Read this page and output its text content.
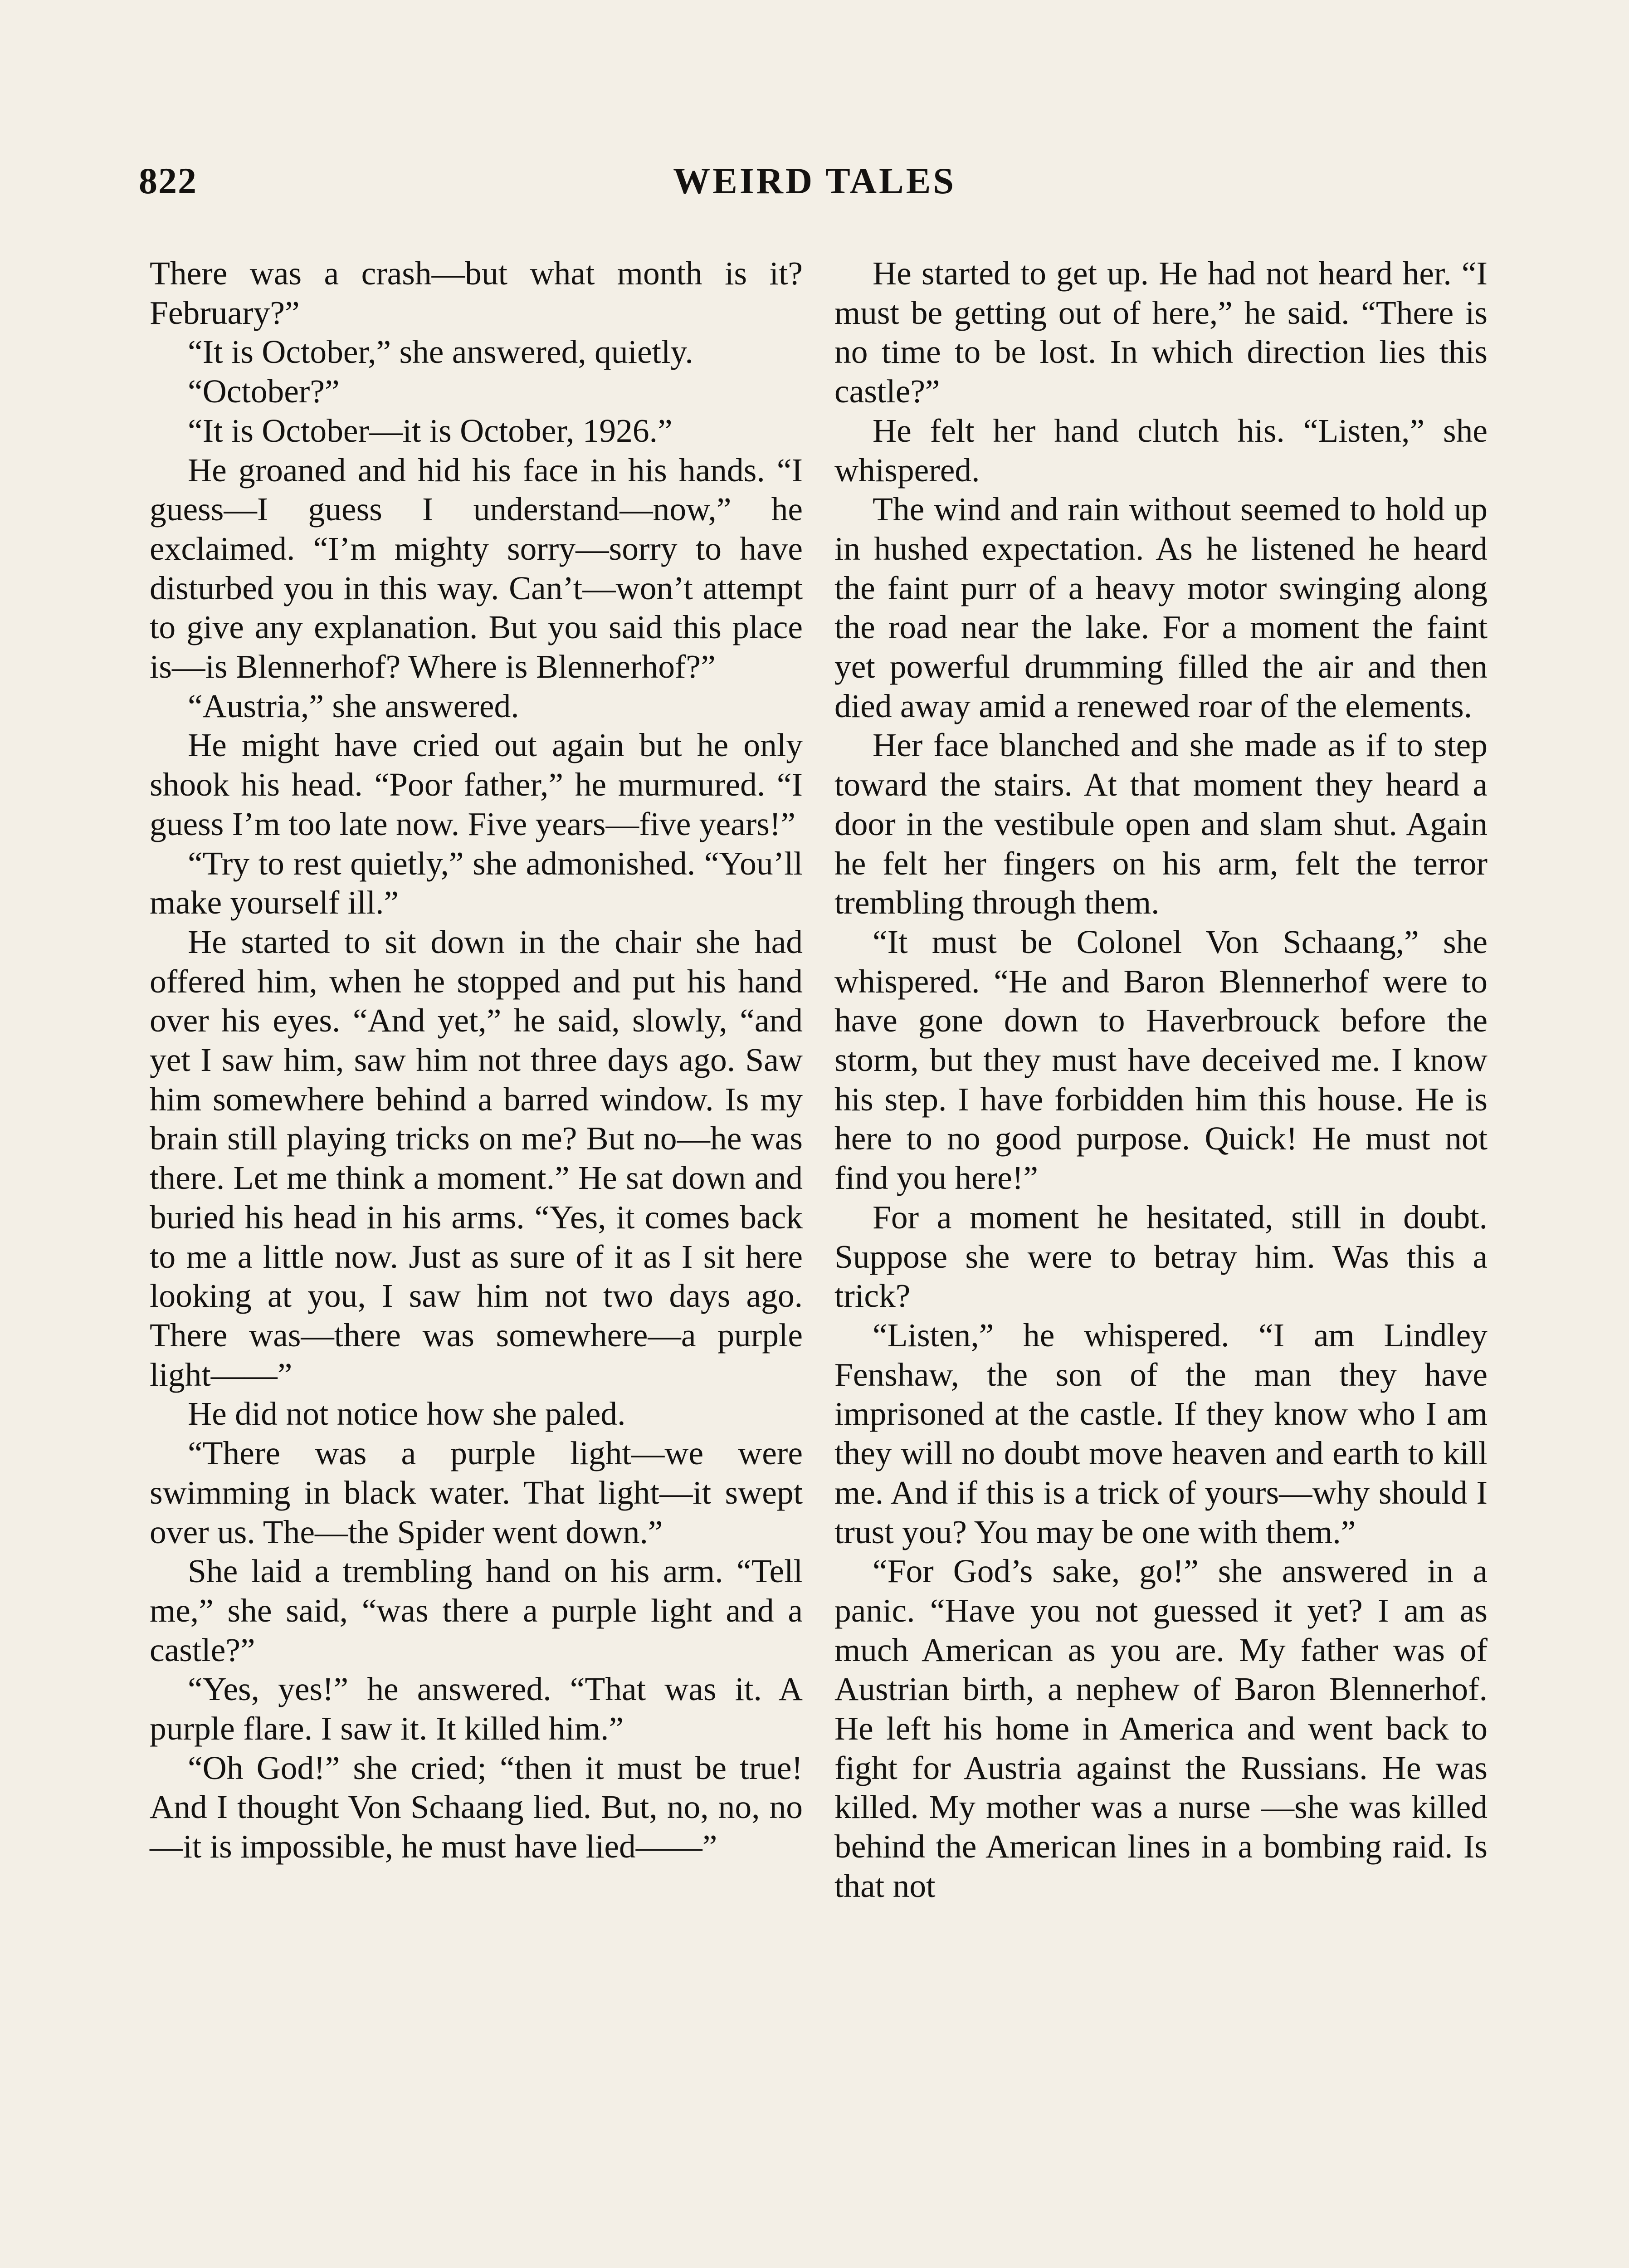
822	WEIRD TALES

There was a crash—but what month is it? February?”

“It is October,” she answered, quietly.

“October?”

“It is October—it is October, 1926.”

He groaned and hid his face in his hands. “I guess—I guess I understand—now,” he exclaimed. “I’m mighty sorry—sorry to have disturbed you in this way. Can’t—won’t attempt to give any explanation. But you said this place is—is Blennerhof? Where is Blennerhof?”

“Austria,” she answered.

He might have cried out again but he only shook his head. “Poor father,” he murmured. “I guess I’m too late now. Five years—five years!”

“Try to rest quietly,” she admonished. “You’ll make yourself ill.”

He started to sit down in the chair she had offered him, when he stopped and put his hand over his eyes. “And yet,” he said, slowly, “and yet I saw him, saw him not three days ago. Saw him somewhere behind a barred window. Is my brain still playing tricks on me? But no—he was there. Let me think a moment.” He sat down and buried his head in his arms. “Yes, it comes back to me a little now. Just as sure of it as I sit here looking at you, I saw him not two days ago. There was—there was somewhere—a purple light——”

He did not notice how she paled.

“There was a purple light—we were swimming in black water. That light—it swept over us. The—the Spider went down.”

She laid a trembling hand on his arm. “Tell me,” she said, “was there a purple light and a castle?”

“Yes, yes!” he answered. “That was it. A purple flare. I saw it. It killed him.”

“Oh God!” she cried; “then it must be true! And I thought Von Schaang lied. But, no, no, no—it is impossible, he must have lied——”

He started to get up. He had not heard her. “I must be getting out of here,” he said. “There is no time to be lost. In which direction lies this castle?”

He felt her hand clutch his. “Listen,” she whispered.

The wind and rain without seemed to hold up in hushed expectation. As he listened he heard the faint purr of a heavy motor swinging along the road near the lake. For a moment the faint yet powerful drumming filled the air and then died away amid a renewed roar of the elements.

Her face blanched and she made as if to step toward the stairs. At that moment they heard a door in the vestibule open and slam shut. Again he felt her fingers on his arm, felt the terror trembling through them.

“It must be Colonel Von Schaang,” she whispered. “He and Baron Blennerhof were to have gone down to Haverbrouck before the storm, but they must have deceived me. I know his step. I have forbidden him this house. He is here to no good purpose. Quick! He must not find you here!”

For a moment he hesitated, still in doubt. Suppose she were to betray him. Was this a trick?

“Listen,” he whispered. “I am Lindley Fenshaw, the son of the man they have imprisoned at the castle. If they know who I am they will no doubt move heaven and earth to kill me. And if this is a trick of yours—why should I trust you? You may be one with them.”

“For God’s sake, go!” she answered in a panic. “Have you not guessed it yet? I am as much American as you are. My father was of Austrian birth, a nephew of Baron Blennerhof. He left his home in America and went back to fight for Austria against the Russians. He was killed. My mother was a nurse —she was killed behind the American lines in a bombing raid. Is that not
